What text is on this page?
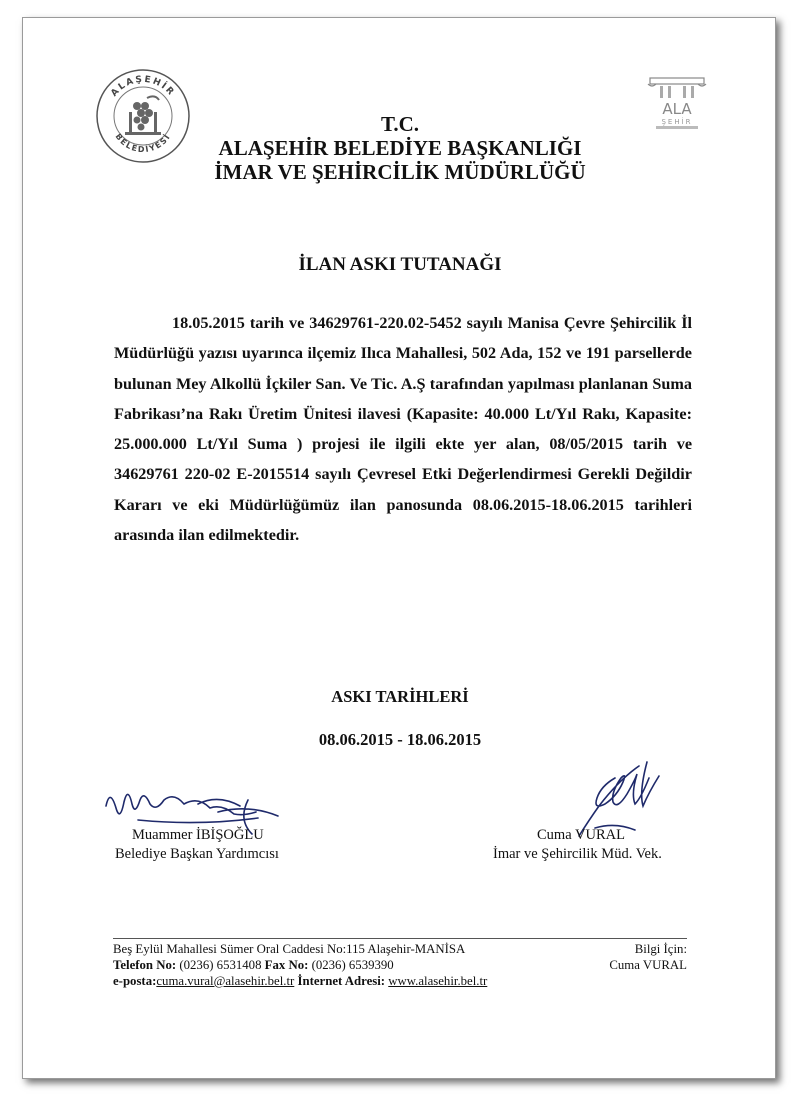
ALAŞEHİR
BELEDİYESİ
ALA
ŞEHİR
T.C.
ALAŞEHİR BELEDİYE BAŞKANLIĞI
İMAR VE ŞEHİRCİLİK MÜDÜRLÜĞÜ
İLAN ASKI TUTANAĞI
18.05.2015 tarih ve 34629761-220.02-5452 sayılı Manisa Çevre Şehircilik İl Müdürlüğü yazısı uyarınca ilçemiz Ilıca Mahallesi, 502 Ada, 152 ve 191 parsellerde bulunan Mey Alkollü İçkiler San. Ve Tic. A.Ş tarafından yapılması planlanan Suma Fabrikası’na Rakı Üretim Ünitesi ilavesi (Kapasite: 40.000 Lt/Yıl Rakı, Kapasite: 25.000.000 Lt/Yıl Suma ) projesi ile ilgili ekte yer alan, 08/05/2015 tarih ve 34629761 220-02 E-2015514 sayılı Çevresel Etki Değerlendirmesi Gerekli Değildir Kararı ve eki Müdürlüğümüz ilan panosunda 08.06.2015-18.06.2015 tarihleri arasında ilan edilmektedir.
ASKI TARİHLERİ
08.06.2015 - 18.06.2015
Muammer İBİŞOĞLU
Belediye Başkan Yardımcısı
Cuma VURAL
İmar ve Şehircilik Müd. Vek.
Beş Eylül Mahallesi Sümer Oral Caddesi No:115 Alaşehir-MANİSA
Telefon No: (0236) 6531408 Fax No: (0236) 6539390
e-posta:cuma.vural@alasehir.bel.tr İnternet Adresi: www.alasehir.bel.tr
Bilgi İçin:
Cuma VURAL
